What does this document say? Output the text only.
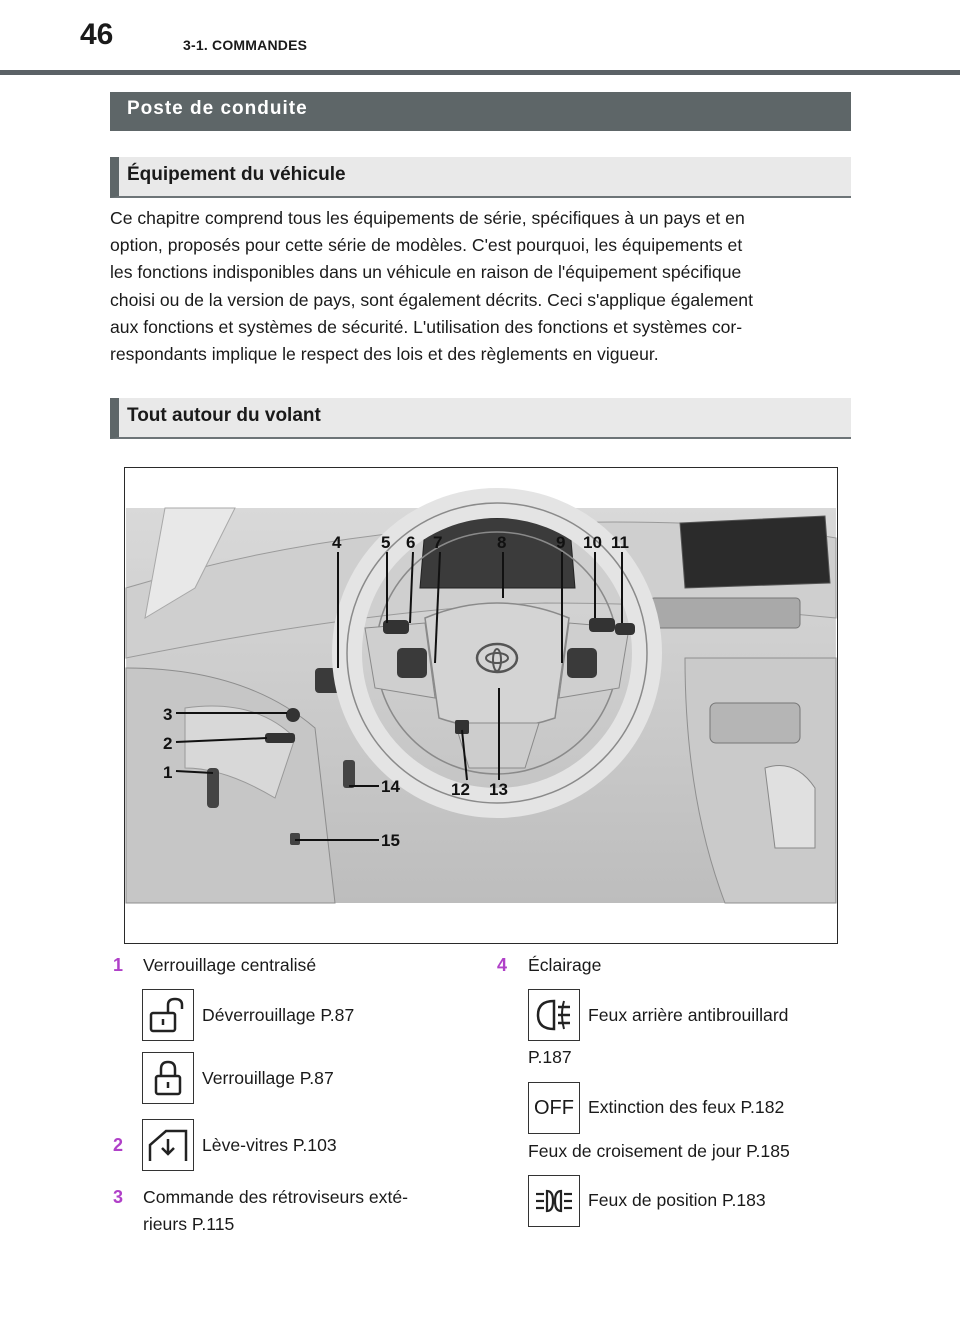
46	3-1. COMMANDES
Poste de conduite
Équipement du véhicule
Ce chapitre comprend tous les équipements de série, spécifiques à un pays et en
option, proposés pour cette série de modèles. C'est pourquoi, les équipements et
les fonctions indisponibles dans un véhicule en raison de l'équipement spécifique
choisi ou de la version de pays, sont également décrits. Ceci s'applique également
aux fonctions et systèmes de sécurité. L'utilisation des fonctions et systèmes cor-
respondants implique le respect des lois et des règlements en vigueur.
Tout autour du volant
4 5 6 7	8	9 10 11
3
2
1
12 13
14
15
1 Verrouillage centralisé
Déverrouillage P.87
Verrouillage P.87
2	Lève-vitres P.103
3 Commande des rétroviseurs exté-
rieurs P.115
4 Éclairage
Feux arrière antibrouillard
P.187
OFF Extinction des feux P.182
Feux de croisement de jour P.185
Feux de position P.183
